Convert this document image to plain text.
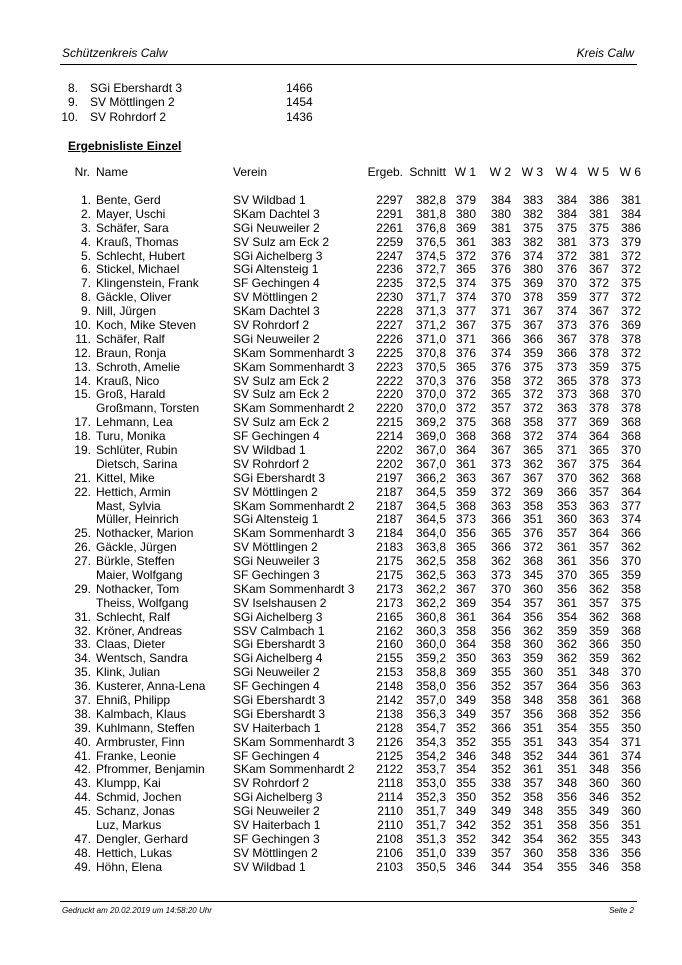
Schützenkreis Calw	Kreis Calw
8. SGi Ebershardt 3	1466
9. SV Möttlingen 2	1454
10. SV Rohrdorf 2	1436
Ergebnisliste Einzel
Nr. Name	Verein	Ergeb. Schnitt W 1 W 2 W 3 W 4 W 5 W 6
1. Bente, Gerd	SV Wildbad 1	2297	382,8 379	384 383	384 386 381
2. Mayer, Uschi	SKam Dachtel 3	2291	381,8 380	380 382	384 381 384
3. Schäfer, Sara	SGi Neuweiler 2	2261	376,8 369	381 375	375 375 386
4. Krauß, Thomas	SV Sulz am Eck 2	2259	376,5 361	383 382	381 373 379
5. Schlecht, Hubert	SGi Aichelberg 3	2247	374,5 372	376 374	372 381 372
6. Stickel, Michael	SGi Altensteig 1	2236	372,7 365	376 380	376 367 372
7. Klingenstein, Frank	SF Gechingen 4	2235	372,5 374	375 369	370 372 375
8. Gäckle, Oliver	SV Möttlingen 2	2230	371,7 374	370 378	359 377 372
9. Nill, Jürgen	SKam Dachtel 3	2228	371,3 377	371 367	374 367 372
10. Koch, Mike Steven	SV Rohrdorf 2	2227	371,2 367	375 367	373 376 369
11. Schäfer, Ralf	SGi Neuweiler 2	2226	371,0 371	366 366	367 378 378
12. Braun, Ronja	SKam Sommenhardt 3	2225	370,8 376	374 359	366 378 372
13. Schroth, Amelie	SKam Sommenhardt 3	2223	370,5 365	376 375	373 359 375
14. Krauß, Nico	SV Sulz am Eck 2	2222	370,3 376	358 372	365 378 373
15. Groß, Harald	SV Sulz am Eck 2	2220	370,0 372	365 372	373 368 370
Großmann, Torsten	SKam Sommenhardt 2	2220	370,0 372	357 372	363 378 378
17. Lehmann, Lea	SV Sulz am Eck 2	2215	369,2 375	368 358	377 369 368
18. Turu, Monika	SF Gechingen 4	2214	369,0 368	368 372	374 364 368
19. Schlüter, Rubin	SV Wildbad 1	2202	367,0 364	367 365	371 365 370
Dietsch, Sarina	SV Rohrdorf 2	2202	367,0 361	373 362	367 375 364
21. Kittel, Mike	SGi Ebershardt 3	2197	366,2 363	367 367	370 362 368
22. Hettich, Armin	SV Möttlingen 2	2187	364,5 359	372 369	366 357 364
Mast, Sylvia	SKam Sommenhardt 2	2187	364,5 368	363 358	353 363 377
Müller, Heinrich	SGi Altensteig 1	2187	364,5 373	366 351	360 363 374
25. Nothacker, Marion	SKam Sommenhardt 3	2184	364,0 356	365 376	357 364 366
26. Gäckle, Jürgen	SV Möttlingen 2	2183	363,8 365	366 372	361 357 362
27. Bürkle, Steffen	SGi Neuweiler 3	2175	362,5 358	362 368	361 356 370
Maier, Wolfgang	SF Gechingen 3	2175	362,5 363	373 345	370 365 359
29. Nothacker, Tom	SKam Sommenhardt 3	2173	362,2 367	370 360	356 362 358
Theiss, Wolfgang	SV Iselshausen 2	2173	362,2 369	354 357	361 357 375
31. Schlecht, Ralf	SGi Aichelberg 3	2165	360,8 361	364 356	354 362 368
32. Kröner, Andreas	SSV Calmbach 1	2162	360,3 358	356 362	359 359 368
33. Claas, Dieter	SGi Ebershardt 3	2160	360,0 364	358 360	362 366 350
34. Wentsch, Sandra	SGi Aichelberg 4	2155	359,2 350	363 359	362 359 362
35. Klink, Julian	SGi Neuweiler 2	2153	358,8 369	355 360	351 348 370
36. Kusterer, Anna-Lena SF Gechingen 4	2148	358,0 356	352 357	364 356 363
37. Ehniß, Philipp	SGi Ebershardt 3	2142	357,0 349	358 348	358 361 368
38. Kalmbach, Klaus	SGi Ebershardt 3	2138	356,3 349	357 356	368 352 356
39. Kuhlmann, Steffen	SV Haiterbach 1	2128	354,7 352	366 351	354 355 350
40. Armbruster, Finn	SKam Sommenhardt 3	2126	354,3 352	355 351	343 354 371
41. Franke, Leonie	SF Gechingen 4	2125	354,2 346	348 352	344 361 374
42. Pfrommer, Benjamin SKam Sommenhardt 2	2122	353,7 354	352 361	351 348 356
43. Klumpp, Kai	SV Rohrdorf 2	2118	353,0 355	338 357	348 360 360
44. Schmid, Jochen	SGi Aichelberg 3	2114	352,3 350	352 358	356 346 352
45. Schanz, Jonas	SGi Neuweiler 2	2110	351,7 349	349 348	355 349 360
Luz, Markus	SV Haiterbach 1	2110	351,7 342	352 351	358 356 351
47. Dengler, Gerhard	SF Gechingen 3	2108	351,3 352	342 354	362 355 343
48. Hettich, Lukas	SV Möttlingen 2	2106	351,0 339	357 360	358 336 356
49. Höhn, Elena	SV Wildbad 1	2103	350,5 346	344 354	355 346 358
Gedruckt am 20.02.2019 um 14:58:20 Uhr	Seite 2
